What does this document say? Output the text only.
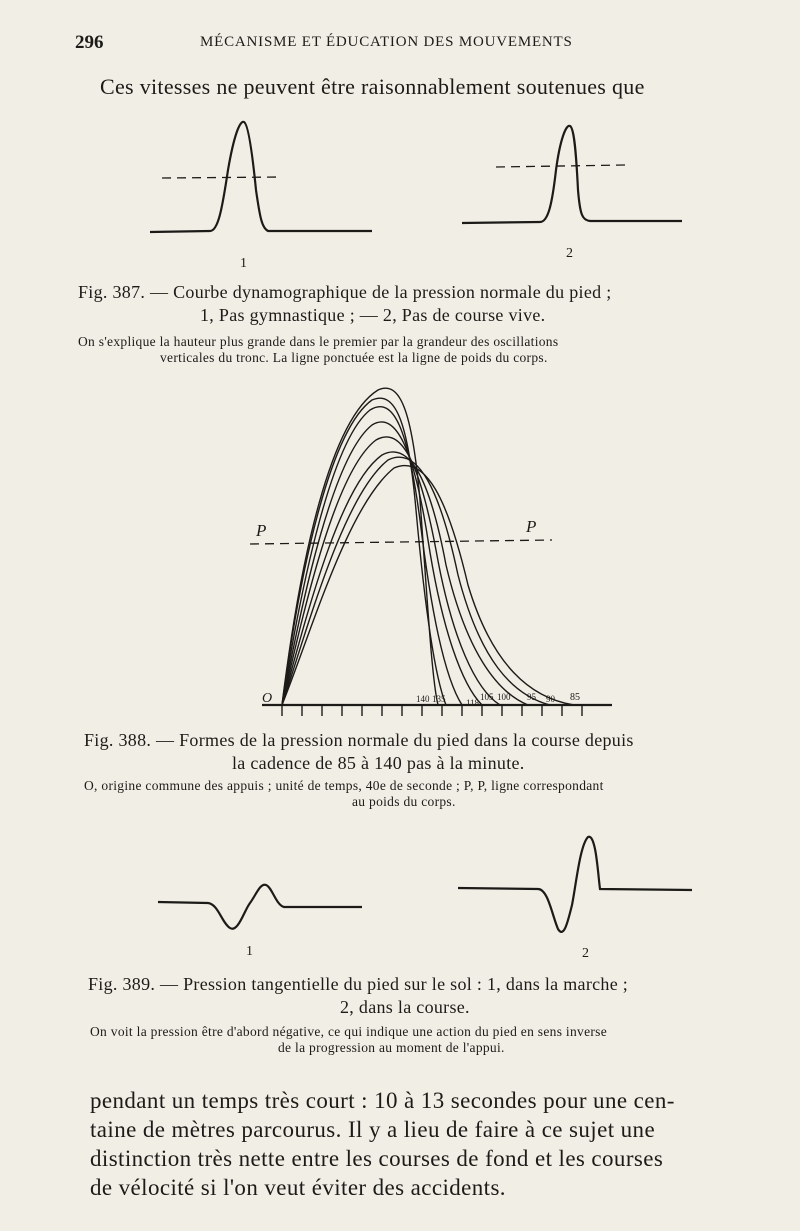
296	MÉCANISME ET ÉDUCATION DES MOUVEMENTS
Ces vitesses ne peuvent être raisonnablement soutenues que
1
2
Fig. 387. — Courbe dynamographique de la pression normale du pied ;
1, Pas gymnastique ; — 2, Pas de course vive.
On s'explique la hauteur plus grande dans le premier par la grandeur des oscillations
verticales du tronc. La ligne ponctuée est la ligne de poids du corps.
P	P
O	140 135 118
105 100 95 90 85
Fig. 388. — Formes de la pression normale du pied dans la course depuis
la cadence de 85 à 140 pas à la minute.
O, origine commune des appuis ; unité de temps, 40e de seconde ; P, P, ligne correspondant
au poids du corps.
1	2
Fig. 389. — Pression tangentielle du pied sur le sol : 1, dans la marche ;
2, dans la course.
On voit la pression être d'abord négative, ce qui indique une action du pied en sens inverse
de la progression au moment de l'appui.
pendant un temps très court : 10 à 13 secondes pour une cen-
taine de mètres parcourus. Il y a lieu de faire à ce sujet une
distinction très nette entre les courses de fond et les courses
de vélocité si l'on veut éviter des accidents.
